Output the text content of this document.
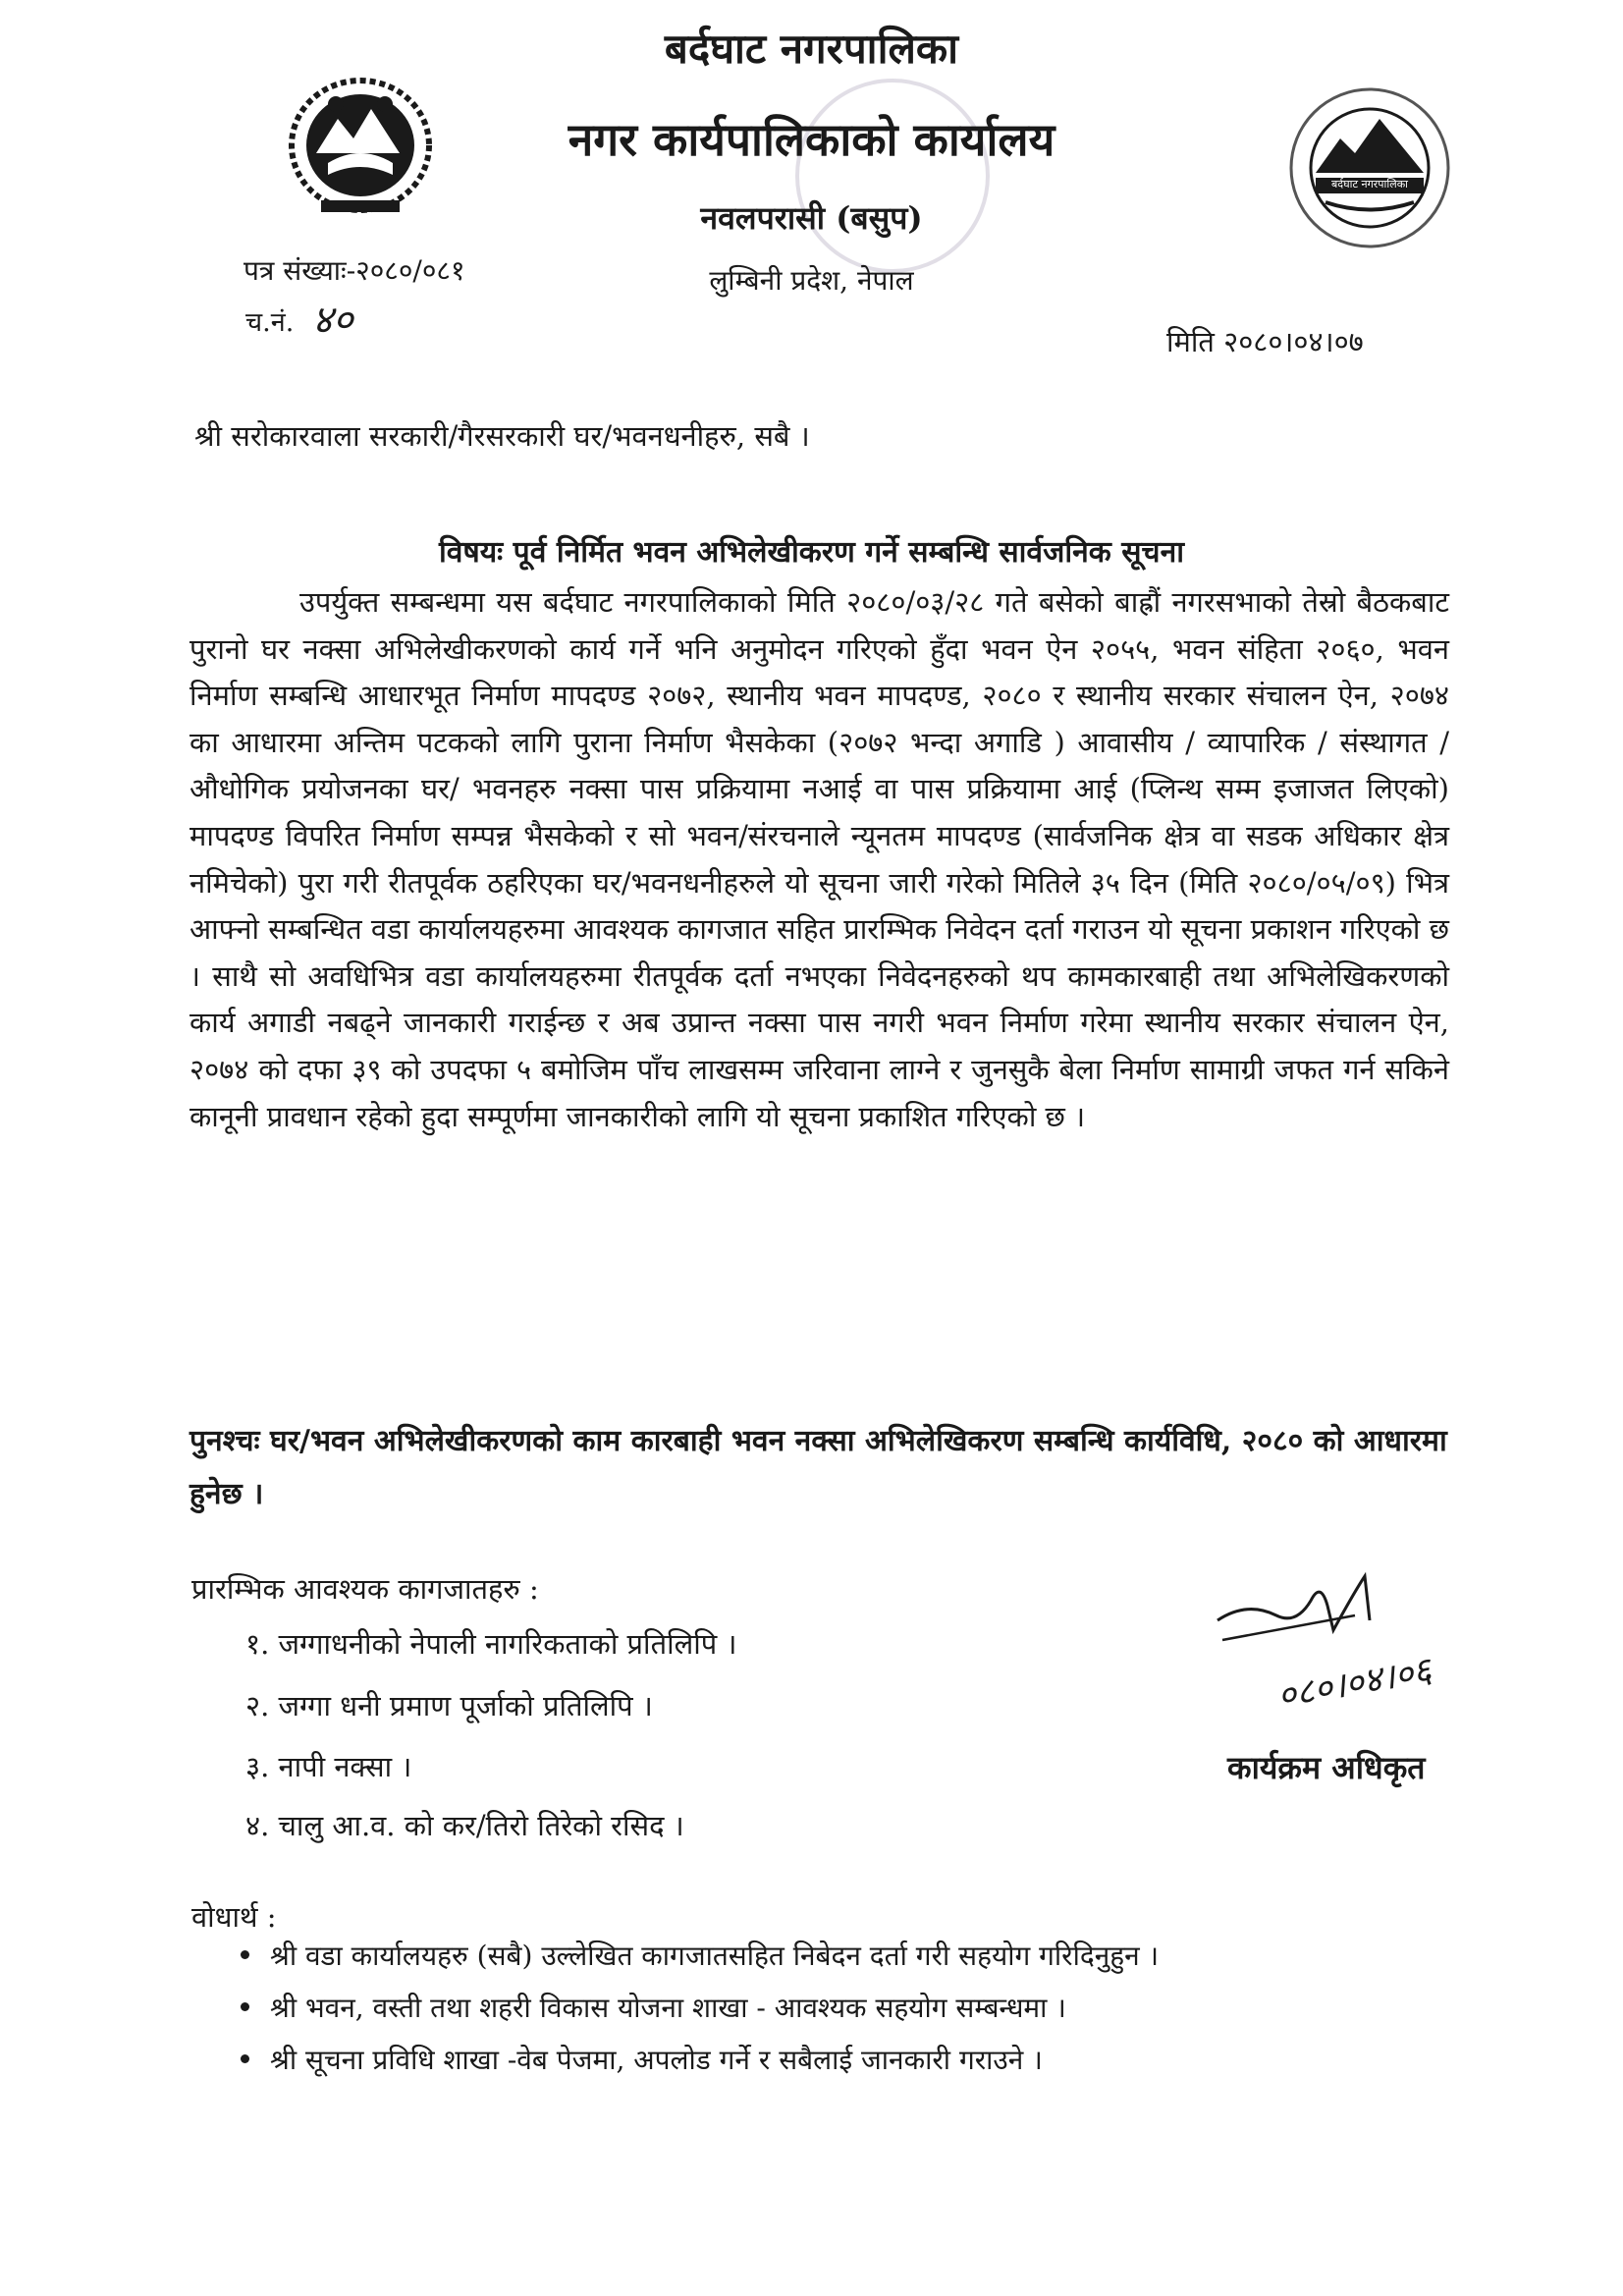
बर्दघाट नगरपालिका
बर्दघाट नगरपालिका
नगर कार्यपालिकाको कार्यालय
नवलपरासी (बसुप)
लुम्बिनी प्रदेश, नेपाल
पत्र संख्याः-२०८०/०८१
च.नं. ४०	मिति २०८०।०४।०७
श्री सरोकारवाला सरकारी/गैरसरकारी घर/भवनधनीहरु, सबै ।
विषयः पूर्व निर्मित भवन अभिलेखीकरण गर्ने सम्बन्धि सार्वजनिक सूचना
उपर्युक्त सम्बन्धमा यस बर्दघाट नगरपालिकाको मिति २०८०/०३/२८ गते बसेको बाह्रौं नगरसभाको तेस्रो बैठकबाट पुरानो घर नक्सा अभिलेखीकरणको कार्य गर्ने भनि अनुमोदन गरिएको हुँदा भवन ऐन २०५५, भवन संहिता २०६०, भवन निर्माण सम्बन्धि आधारभूत निर्माण मापदण्ड २०७२, स्थानीय भवन मापदण्ड, २०८० र स्थानीय सरकार संचालन ऐन, २०७४ का आधारमा अन्तिम पटकको लागि पुराना निर्माण भैसकेका (२०७२ भन्दा अगाडि ) आवासीय / व्यापारिक / संस्थागत / औधोगिक प्रयोजनका घर/ भवनहरु नक्सा पास प्रक्रियामा नआई वा पास प्रक्रियामा आई (प्लिन्थ सम्म इजाजत लिएको) मापदण्ड विपरित निर्माण सम्पन्न भैसकेको र सो भवन/संरचनाले न्यूनतम मापदण्ड (सार्वजनिक क्षेत्र वा सडक अधिकार क्षेत्र नमिचेको) पुरा गरी रीतपूर्वक ठहरिएका घर/भवनधनीहरुले यो सूचना जारी गरेको मितिले ३५ दिन (मिति २०८०/०५/०९) भित्र आफ्नो सम्बन्धित वडा कार्यालयहरुमा आवश्यक कागजात सहित प्रारम्भिक निवेदन दर्ता गराउन यो सूचना प्रकाशन गरिएको छ । साथै सो अवधिभित्र वडा कार्यालयहरुमा रीतपूर्वक दर्ता नभएका निवेदनहरुको थप कामकारबाही तथा अभिलेखिकरणको कार्य अगाडी नबढ्ने जानकारी गराईन्छ र अब उप्रान्त नक्सा पास नगरी भवन निर्माण गरेमा स्थानीय सरकार संचालन ऐन, २०७४ को दफा ३९ को उपदफा ५ बमोजिम पाँच लाखसम्म जरिवाना लाग्ने र जुनसुकै बेला निर्माण सामाग्री जफत गर्न सकिने कानूनी प्रावधान रहेको हुदा सम्पूर्णमा जानकारीको लागि यो सूचना प्रकाशित गरिएको छ ।
पुनश्चः घर/भवन अभिलेखीकरणको काम कारबाही भवन नक्सा अभिलेखिकरण सम्बन्धि कार्यविधि, २०८० को आधारमा हुनेछ ।
प्रारम्भिक आवश्यक कागजातहरु :
१. जग्गाधनीको नेपाली नागरिकताको प्रतिलिपि ।
२. जग्गा धनी प्रमाण पूर्जाको प्रतिलिपि ।
३. नापी नक्सा ।
४. चालु आ.व. को कर/तिरो तिरेको रसिद ।
०८०।०४।०६
कार्यक्रम अधिकृत
वोधार्थ :
श्री वडा कार्यालयहरु (सबै) उल्लेखित कागजातसहित निबेदन दर्ता गरी सहयोग गरिदिनुहुन ।
श्री भवन, वस्ती तथा शहरी विकास योजना शाखा - आवश्यक सहयोग सम्बन्धमा ।
श्री सूचना प्रविधि शाखा -वेब पेजमा, अपलोड गर्ने र सबैलाई जानकारी गराउने ।
